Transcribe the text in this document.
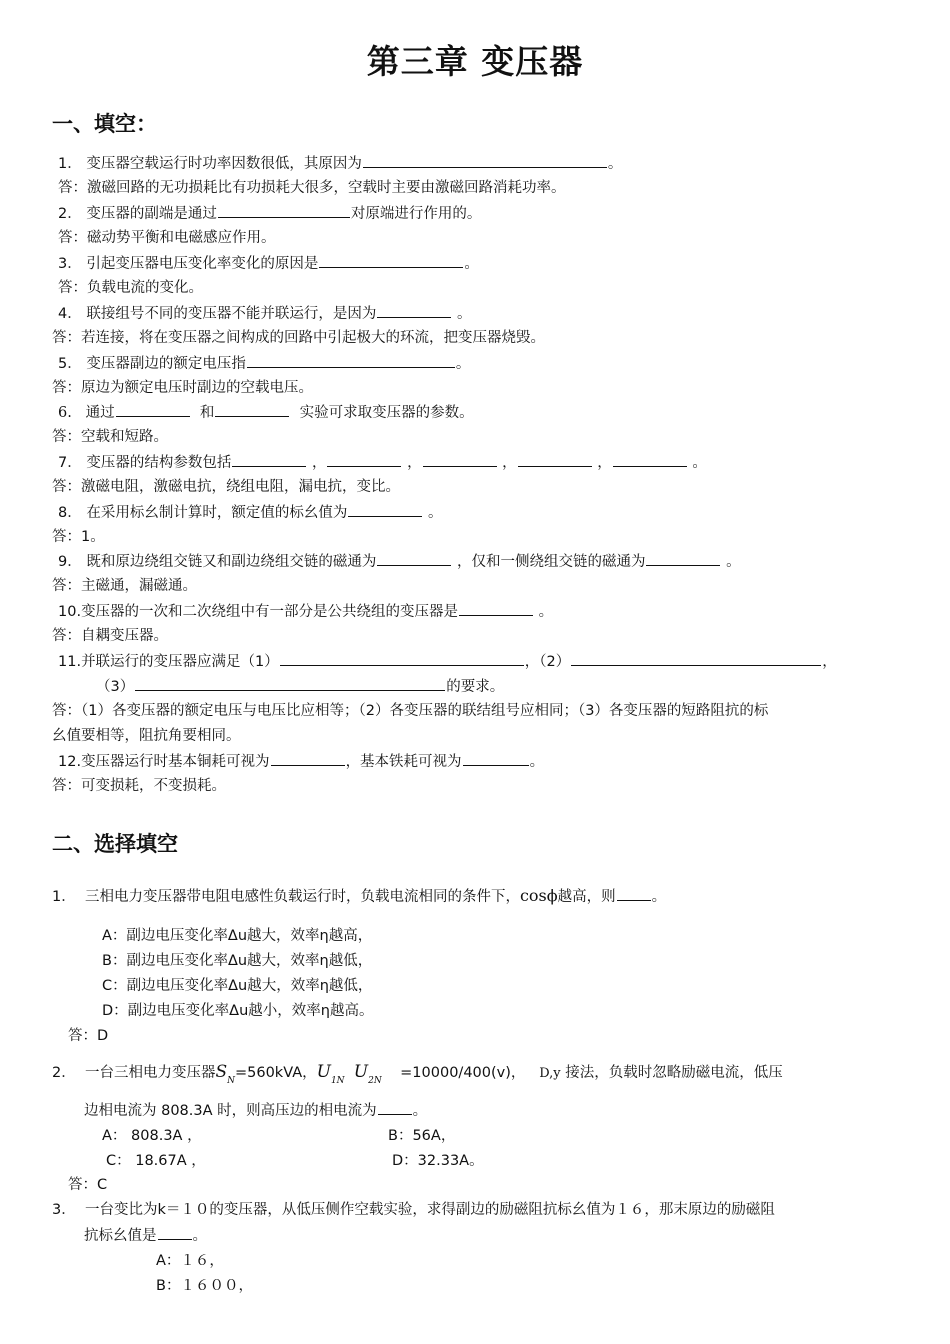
第三章 变压器
一、填空：
1． 变压器空载运行时功率因数很低，其原因为	。
答：激磁回路的无功损耗比有功损耗大很多，空载时主要由激磁回路消耗功率。
2． 变压器的副端是通过	对原端进行作用的。
答：磁动势平衡和电磁感应作用。
3． 引起变压器电压变化率变化的原因是	。
答：负载电流的变化。
4． 联接组号不同的变压器不能并联运行，是因为	。
答：若连接，将在变压器之间构成的回路中引起极大的环流，把变压器烧毁。
5． 变压器副边的额定电压指	。
答：原边为额定电压时副边的空载电压。
6. 通过	和	实验可求取变压器的参数。
答：空载和短路。
7． 变压器的结构参数包括	，	，	，	，	。
答：激磁电阻，激磁电抗，绕组电阻，漏电抗，变比。
8． 在采用标幺制计算时，额定值的标幺值为	。
答：1。
9． 既和原边绕组交链又和副边绕组交链的磁通为	，仅和一侧绕组交链的磁通为	。
答：主磁通，漏磁通。
10.变压器的一次和二次绕组中有一部分是公共绕组的变压器是	。
答：自耦变压器。
11.并联运行的变压器应满足（1）	，（2）	，
（3）	的要求。
答：（1）各变压器的额定电压与电压比应相等；（2）各变压器的联结组号应相同；（3）各变压器的短路阻抗的标
幺值要相等，阻抗角要相同。
12.变压器运行时基本铜耗可视为	，基本铁耗可视为	。
答：可变损耗，不变损耗。
二、选择填空
1． 三相电力变压器带电阻电感性负载运行时，负载电流相同的条件下，cosϕ越高，则 。
A：副边电压变化率Δu越大，效率η越高，
B：副边电压变化率Δu越大，效率η越低，
C：副边电压变化率Δu越大，效率η越低，
D：副边电压变化率Δu越小，效率η越高。
答：D
2． 一台三相电力变压器$S_N=560kVA$，$U_{1N}$ $U_{2N} =10000/400(v)$， D,y 接法，负载时忽略励磁电流，低压
边相电流为 808.3A 时，则高压边的相电流为 。
A： 808.3A ，	B：56A，
C： 18.67A ，	D：32.33A。
答：C
3． 一台变比为k＝１０的变压器，从低压侧作空载实验，求得副边的励磁阻抗标幺值为１６，那末原边的励磁阻
抗标幺值是 。
A：１６，
B：１６００，
